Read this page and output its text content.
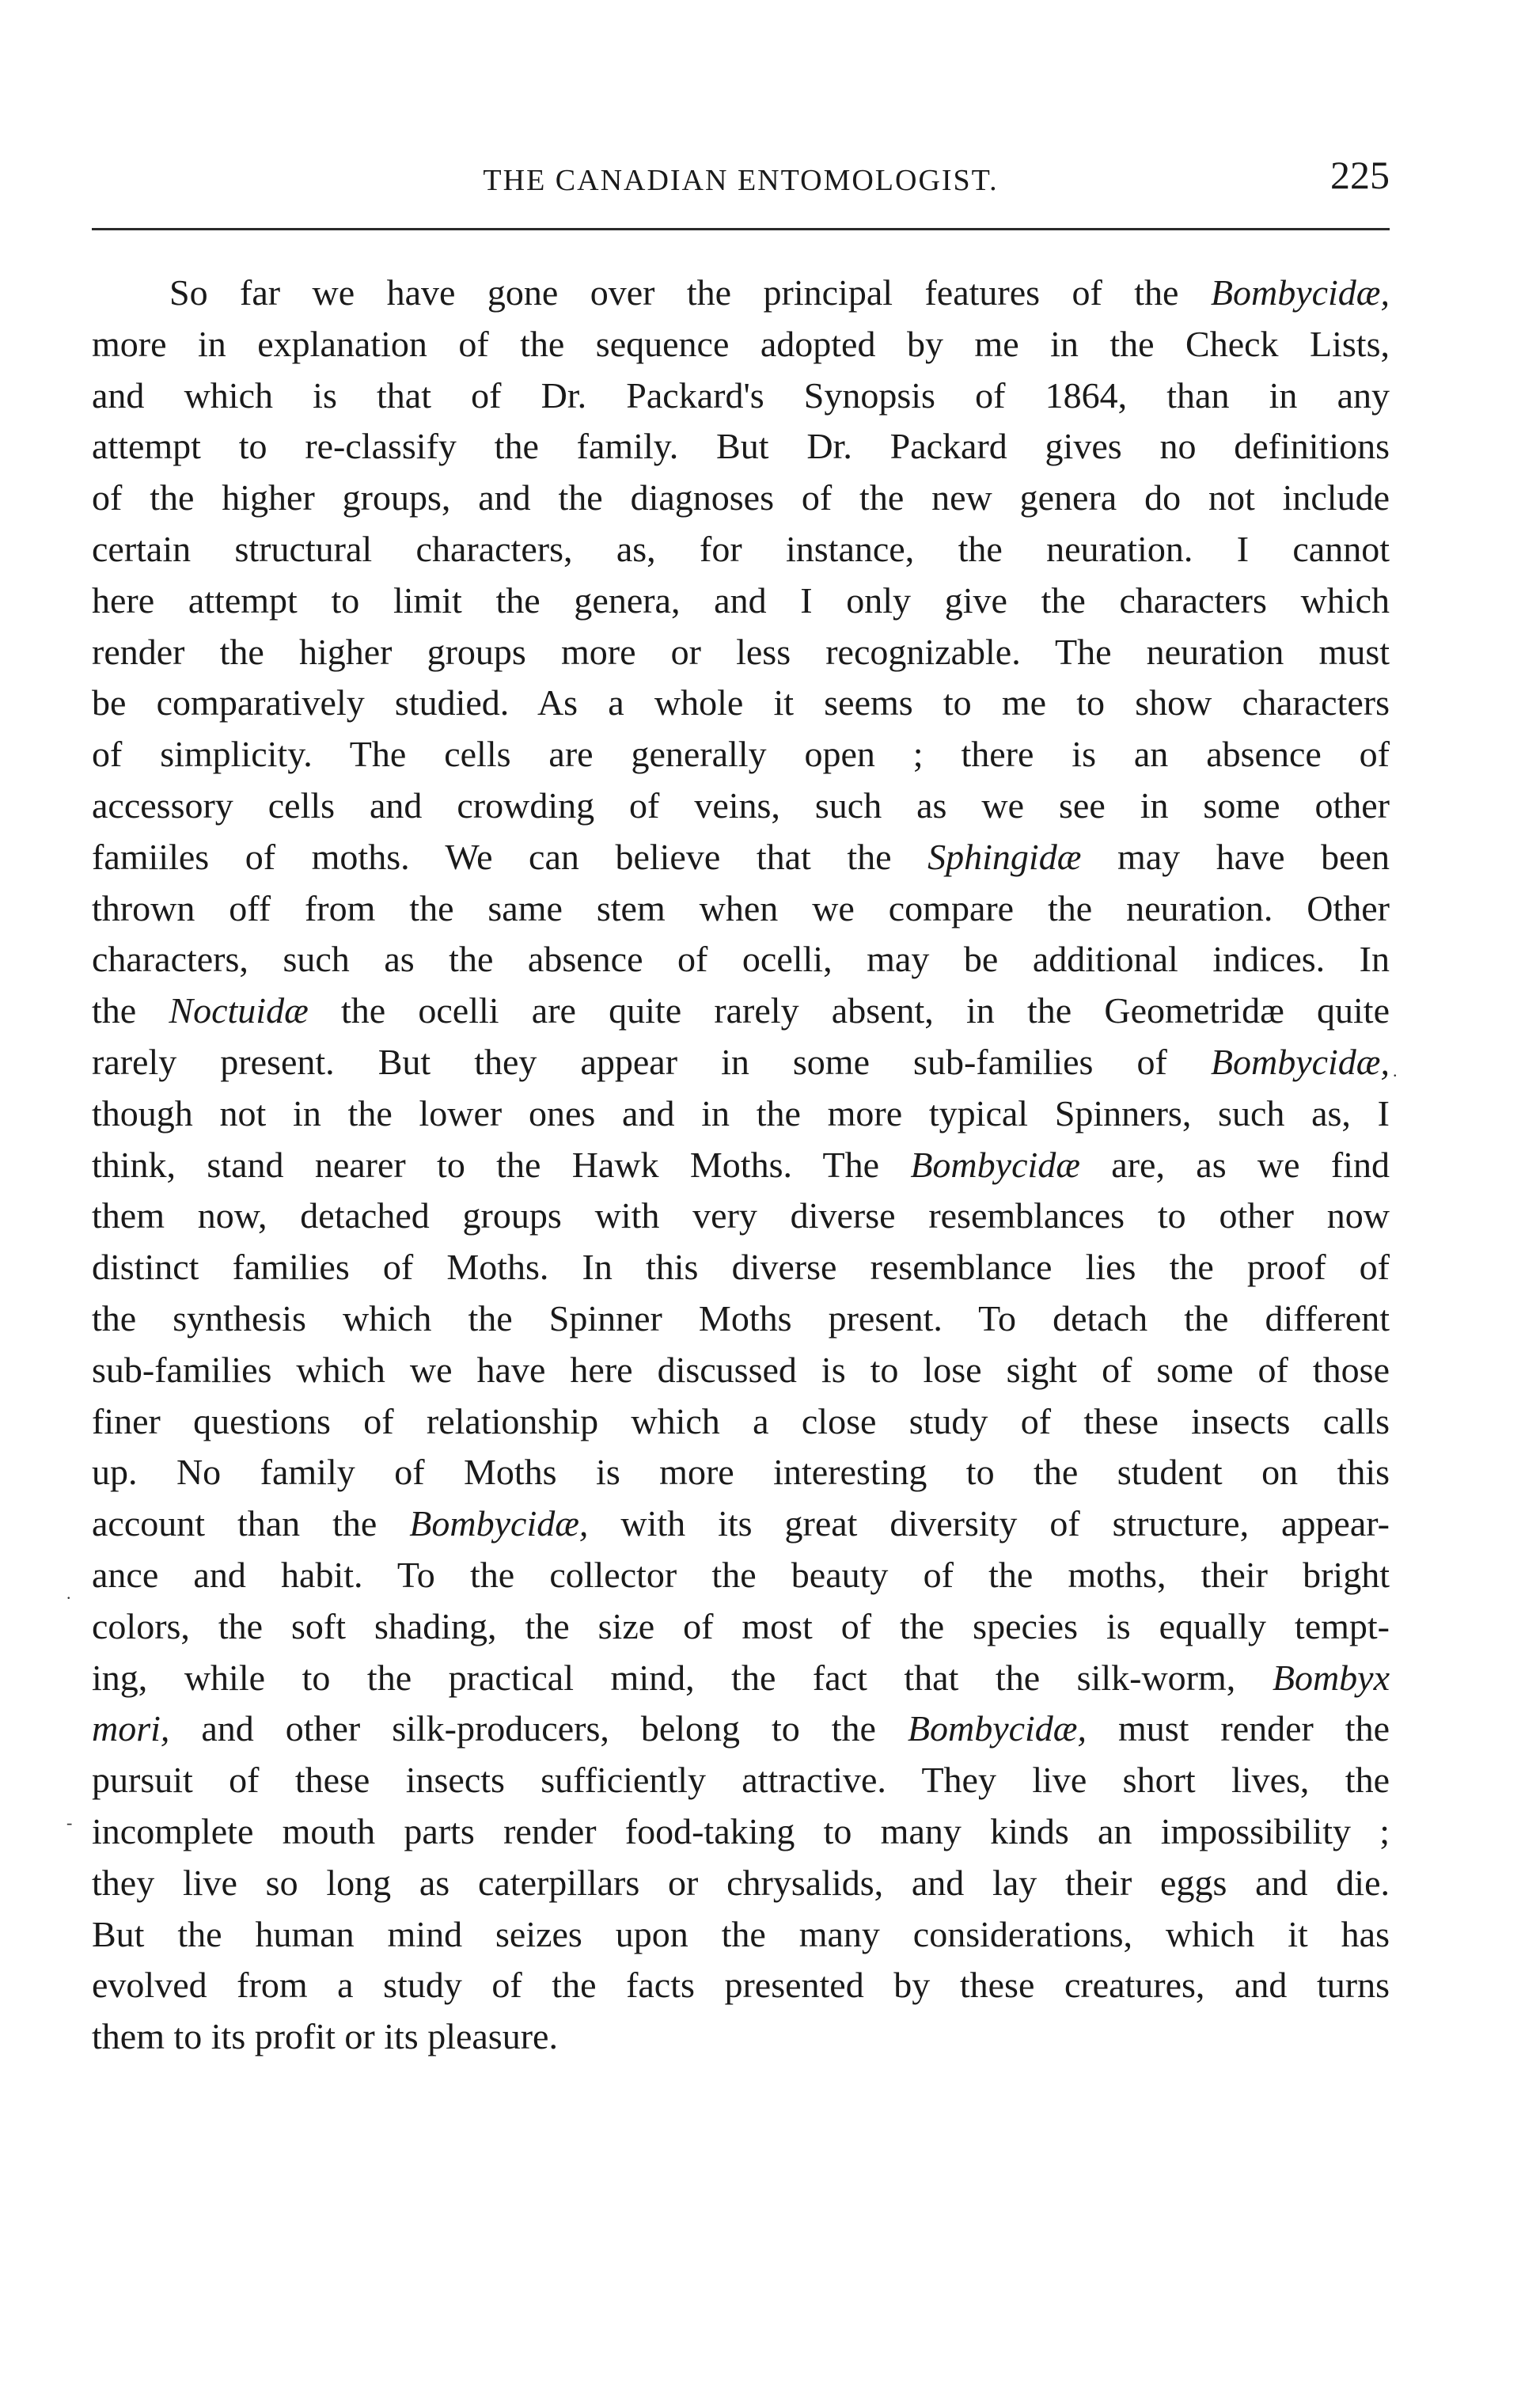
THE CANADIAN ENTOMOLOGIST.	225
So far we have gone over the principal features of the Bombycidæ,
more in explanation of the sequence adopted by me in the Check Lists,
and which is that of Dr. Packard's Synopsis of 1864, than in any
attempt to re-classify the family. But Dr. Packard gives no definitions
of the higher groups, and the diagnoses of the new genera do not include
certain structural characters, as, for instance, the neuration. I cannot
here attempt to limit the genera, and I only give the characters which
render the higher groups more or less recognizable. The neuration must
be comparatively studied. As a whole it seems to me to show characters
of simplicity. The cells are generally open ; there is an absence of
accessory cells and crowding of veins, such as we see in some other
famiiles of moths. We can believe that the Sphingidæ may have been
thrown off from the same stem when we compare the neuration. Other
characters, such as the absence of ocelli, may be additional indices. In
the Noctuidæ the ocelli are quite rarely absent, in the Geometridæ quite
rarely present. But they appear in some sub-families of Bombycidæ,
though not in the lower ones and in the more typical Spinners, such as, I
think, stand nearer to the Hawk Moths. The Bombycidæ are, as we find
them now, detached groups with very diverse resemblances to other now
distinct families of Moths. In this diverse resemblance lies the proof of
the synthesis which the Spinner Moths present. To detach the different
sub-families which we have here discussed is to lose sight of some of those
finer questions of relationship which a close study of these insects calls
up. No family of Moths is more interesting to the student on this
account than the Bombycidæ, with its great diversity of structure, appear-
ance and habit. To the collector the beauty of the moths, their bright
colors, the soft shading, the size of most of the species is equally tempt-
ing, while to the practical mind, the fact that the silk-worm, Bombyx
mori, and other silk-producers, belong to the Bombycidæ, must render the
pursuit of these insects sufficiently attractive. They live short lives, the
incomplete mouth parts render food-taking to many kinds an impossibility ;
they live so long as caterpillars or chrysalids, and lay their eggs and die.
But the human mind seizes upon the many considerations, which it has
evolved from a study of the facts presented by these creatures, and turns
them to its profit or its pleasure.
.
.
-
